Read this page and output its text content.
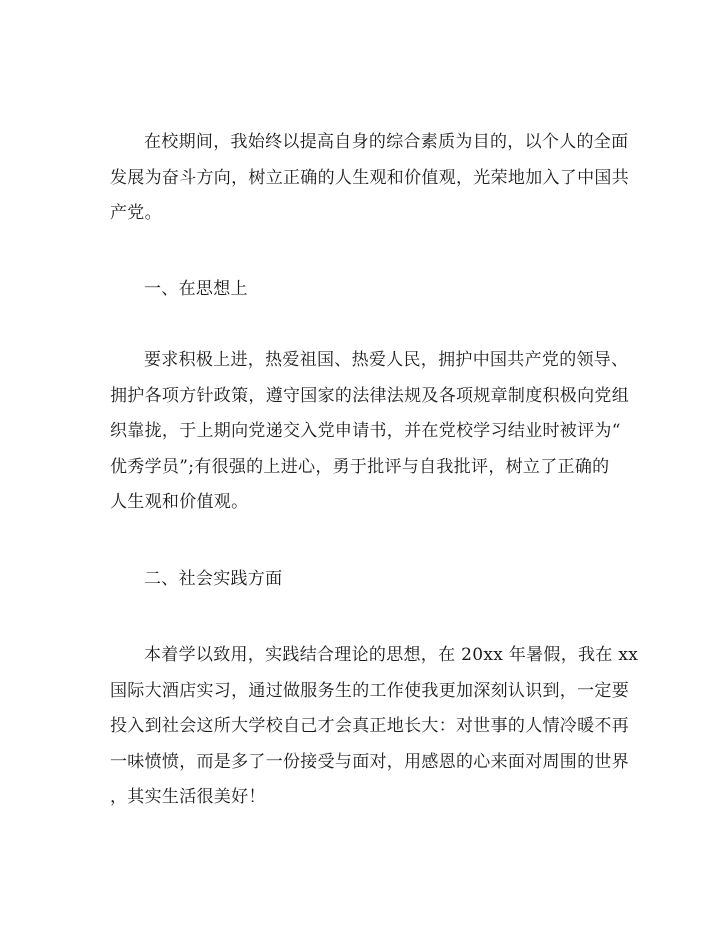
在校期间，我始终以提高自身的综合素质为目的，以个人的全面
发展为奋斗方向，树立正确的人生观和价值观，光荣地加入了中国共
产党。

一、在思想上

要求积极上进，热爱祖国、热爱人民，拥护中国共产党的领导、
拥护各项方针政策，遵守国家的法律法规及各项规章制度积极向党组
织靠拢，于上期向党递交入党申请书，并在党校学习结业时被评为“
优秀学员”;有很强的上进心，勇于批评与自我批评，树立了正确的
人生观和价值观。

二、社会实践方面

本着学以致用，实践结合理论的思想，在 20xx 年暑假，我在 xx
国际大酒店实习，通过做服务生的工作使我更加深刻认识到，一定要
投入到社会这所大学校自己才会真正地长大：对世事的人情冷暖不再
一味愤愤，而是多了一份接受与面对，用感恩的心来面对周围的世界
，其实生活很美好！
